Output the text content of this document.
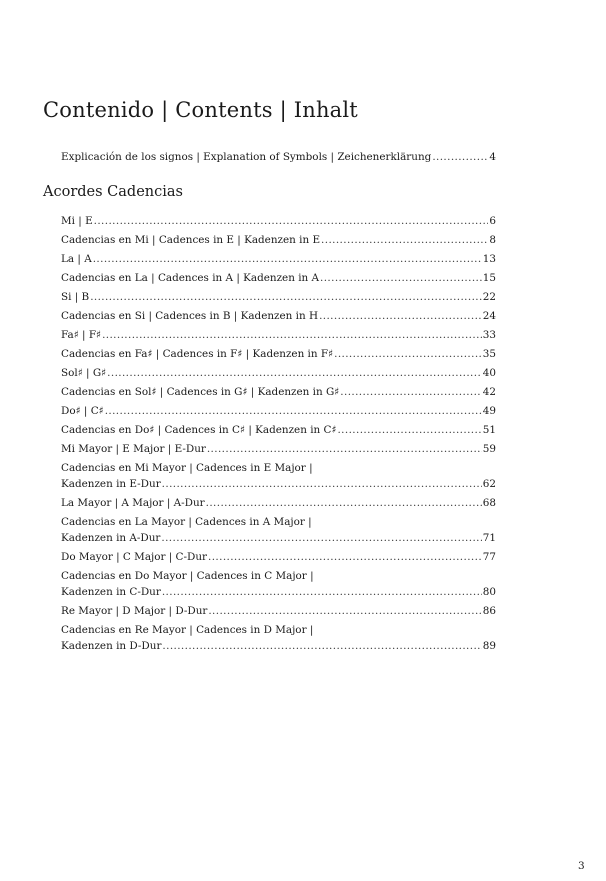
Contenido | Contents | Inhalt
Explicación de los signos | Explanation of Symbols | Zeichenerklärung .....	4
Acordes Cadencias
Mi | E .....	6
Cadencias en Mi | Cadences in E | Kadenzen in E .....	8
La | A .....	13
Cadencias en La | Cadences in A | Kadenzen in A .....	15
Si | B .....	22
Cadencias en Si | Cadences in B | Kadenzen in H .....	24
Fa♯ | F♯ .....	33
Cadencias en Fa♯ | Cadences in F♯ | Kadenzen in F♯ .....	35
Sol♯ | G♯ .....	40
Cadencias en Sol♯ | Cadences in G♯ | Kadenzen in G♯ .....	42
Do♯ | C♯ .....	49
Cadencias en Do♯ | Cadences in C♯ | Kadenzen in C♯ .....	51
Mi Mayor | E Major | E-Dur .....	59
Cadencias en Mi Mayor | Cadences in E Major |
Kadenzen in E-Dur .....	62
La Mayor | A Major | A-Dur .....	68
Cadencias en La Mayor | Cadences in A Major |
Kadenzen in A-Dur .....	71
Do Mayor | C Major | C-Dur .....	77
Cadencias en Do Mayor | Cadences in C Major |
Kadenzen in C-Dur .....	80
Re Mayor | D Major | D-Dur .....	86
Cadencias en Re Mayor | Cadences in D Major |
Kadenzen in D-Dur .....	89
3
